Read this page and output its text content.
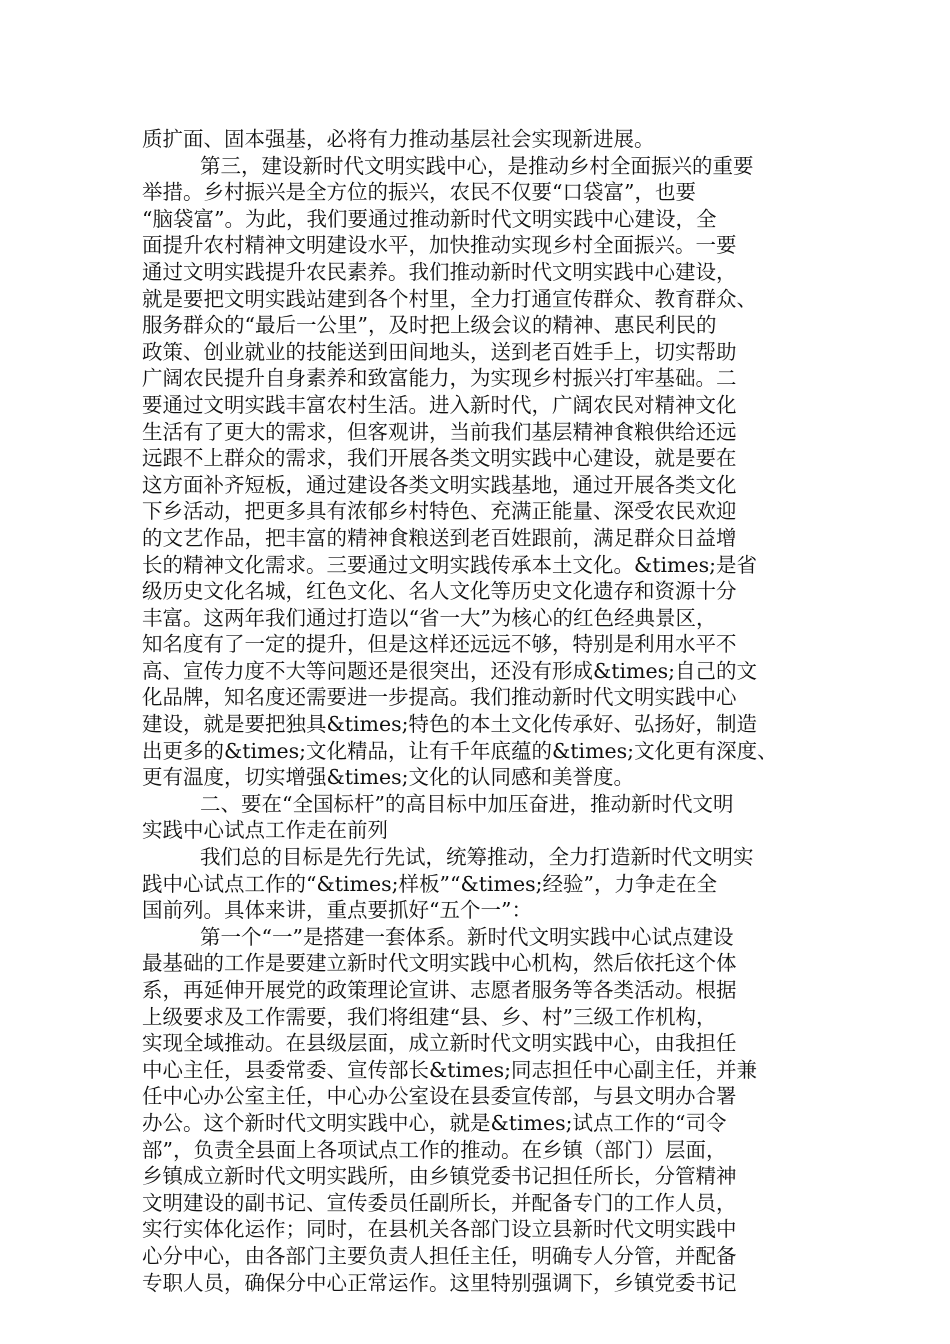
质扩面、固本强基，必将有力推动基层社会实现新进展。
第三，建设新时代文明实践中心，是推动乡村全面振兴的重要
举措。乡村振兴是全方位的振兴，农民不仅要“口袋富”，也要
“脑袋富”。为此，我们要通过推动新时代文明实践中心建设，全
面提升农村精神文明建设水平，加快推动实现乡村全面振兴。一要
通过文明实践提升农民素养。我们推动新时代文明实践中心建设，
就是要把文明实践站建到各个村里，全力打通宣传群众、教育群众、
服务群众的“最后一公里”，及时把上级会议的精神、惠民利民的
政策、创业就业的技能送到田间地头，送到老百姓手上，切实帮助
广阔农民提升自身素养和致富能力，为实现乡村振兴打牢基础。二
要通过文明实践丰富农村生活。进入新时代，广阔农民对精神文化
生活有了更大的需求，但客观讲，当前我们基层精神食粮供给还远
远跟不上群众的需求，我们开展各类文明实践中心建设，就是要在
这方面补齐短板，通过建设各类文明实践基地，通过开展各类文化
下乡活动，把更多具有浓郁乡村特色、充满正能量、深受农民欢迎
的文艺作品，把丰富的精神食粮送到老百姓跟前，满足群众日益增
长的精神文化需求。三要通过文明实践传承本土文化。&times;是省
级历史文化名城，红色文化、名人文化等历史文化遗存和资源十分
丰富。这两年我们通过打造以“省一大”为核心的红色经典景区，
知名度有了一定的提升，但是这样还远远不够，特别是利用水平不
高、宣传力度不大等问题还是很突出，还没有形成&times;自己的文
化品牌，知名度还需要进一步提高。我们推动新时代文明实践中心
建设，就是要把独具&times;特色的本土文化传承好、弘扬好，制造
出更多的&times;文化精品，让有千年底蕴的&times;文化更有深度、
更有温度，切实增强&times;文化的认同感和美誉度。
二、要在“全国标杆”的高目标中加压奋进，推动新时代文明
实践中心试点工作走在前列
我们总的目标是先行先试，统筹推动，全力打造新时代文明实
践中心试点工作的“&times;样板”“&times;经验”，力争走在全
国前列。具体来讲，重点要抓好“五个一”：
第一个“一”是搭建一套体系。新时代文明实践中心试点建设
最基础的工作是要建立新时代文明实践中心机构，然后依托这个体
系，再延伸开展党的政策理论宣讲、志愿者服务等各类活动。根据
上级要求及工作需要，我们将组建“县、乡、村”三级工作机构，
实现全域推动。在县级层面，成立新时代文明实践中心，由我担任
中心主任，县委常委、宣传部长&times;同志担任中心副主任，并兼
任中心办公室主任，中心办公室设在县委宣传部，与县文明办合署
办公。这个新时代文明实践中心，就是&times;试点工作的“司令
部”，负责全县面上各项试点工作的推动。在乡镇（部门）层面，
乡镇成立新时代文明实践所，由乡镇党委书记担任所长，分管精神
文明建设的副书记、宣传委员任副所长，并配备专门的工作人员，
实行实体化运作；同时，在县机关各部门设立县新时代文明实践中
心分中心，由各部门主要负责人担任主任，明确专人分管，并配备
专职人员，确保分中心正常运作。这里特别强调下，乡镇党委书记
